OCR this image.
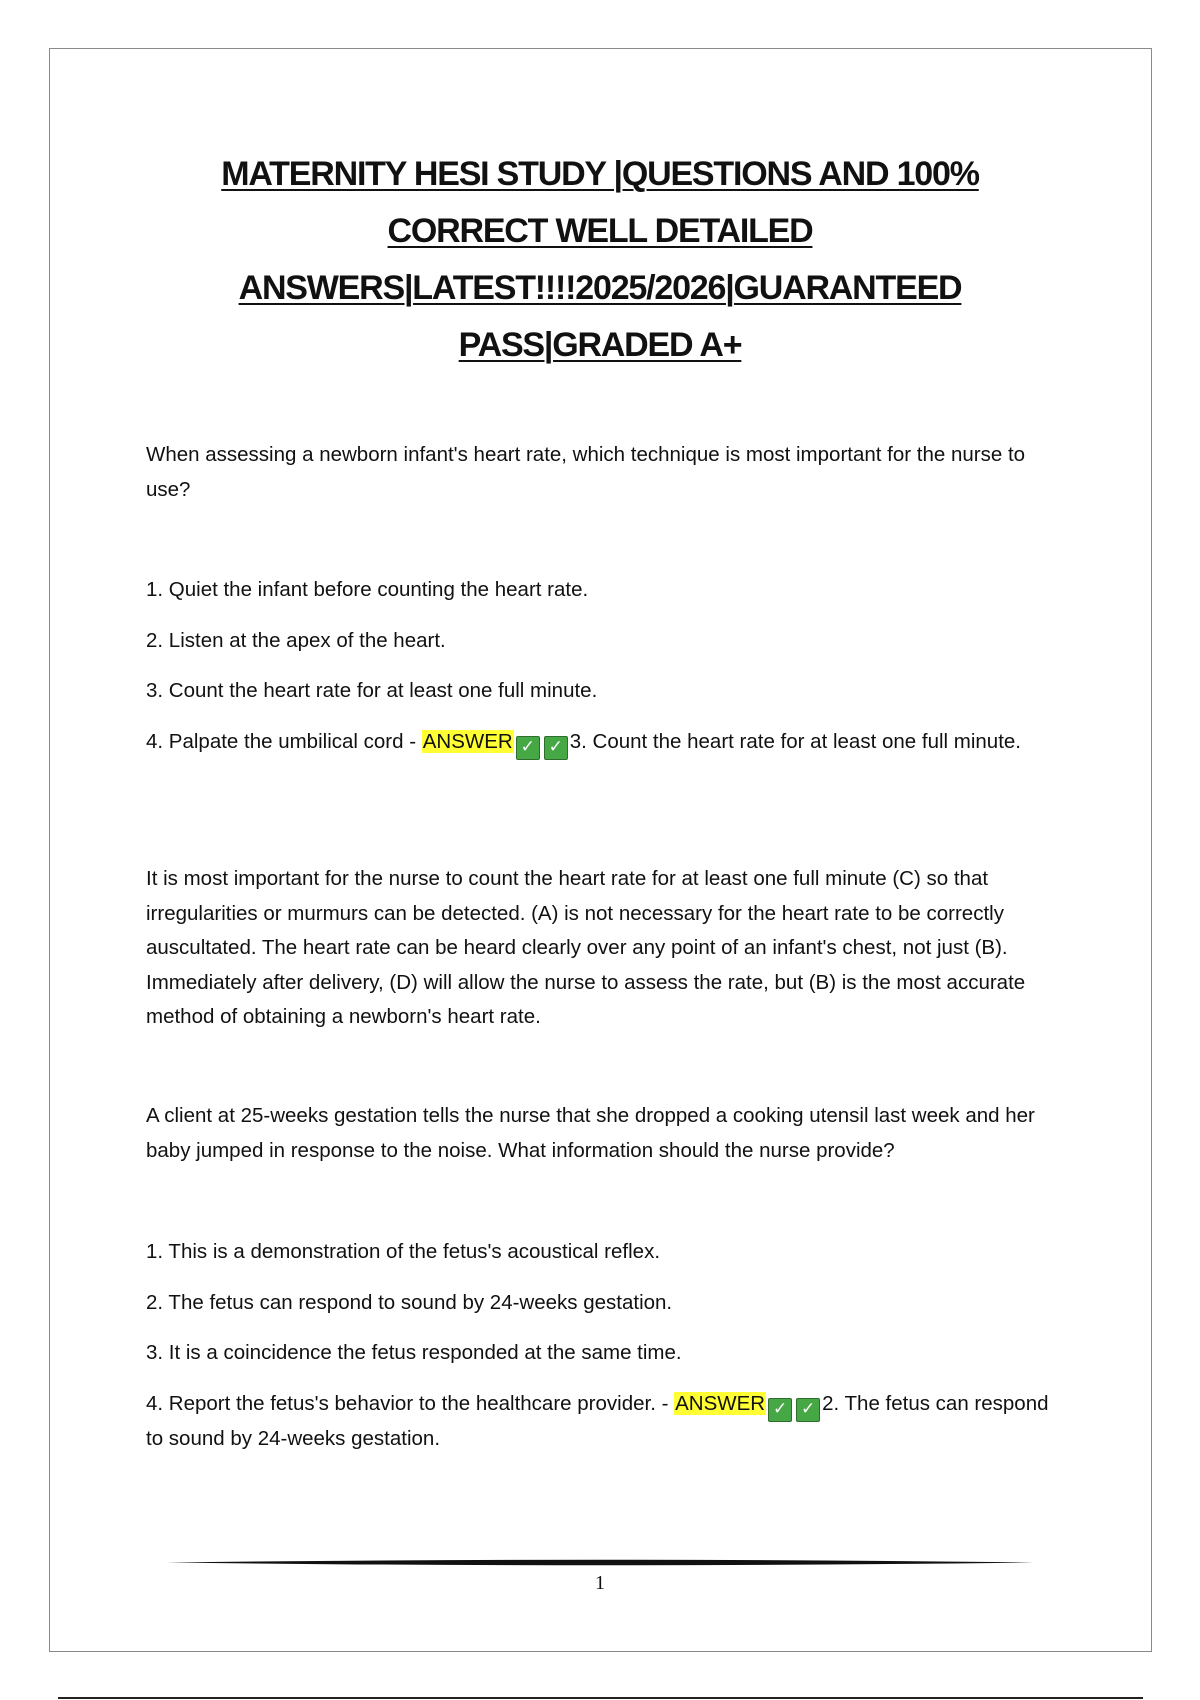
MATERNITY HESI STUDY |QUESTIONS AND 100%
CORRECT WELL DETAILED
ANSWERS|LATEST!!!!2025/2026|GUARANTEED
PASS|GRADED A+

When assessing a newborn infant's heart rate, which technique is most important for the nurse to use?

1. Quiet the infant before counting the heart rate.

2. Listen at the apex of the heart.

3. Count the heart rate for at least one full minute.

4. Palpate the umbilical cord - ANSWER ✓ ✓ 3. Count the heart rate for at least one full minute.

It is most important for the nurse to count the heart rate for at least one full minute (C) so that irregularities or murmurs can be detected. (A) is not necessary for the heart rate to be correctly auscultated. The heart rate can be heard clearly over any point of an infant's chest, not just (B). Immediately after delivery, (D) will allow the nurse to assess the rate, but (B) is the most accurate method of obtaining a newborn's heart rate.

A client at 25-weeks gestation tells the nurse that she dropped a cooking utensil last week and her baby jumped in response to the noise. What information should the nurse provide?

1. This is a demonstration of the fetus's acoustical reflex.

2. The fetus can respond to sound by 24-weeks gestation.

3. It is a coincidence the fetus responded at the same time.

4. Report the fetus's behavior to the healthcare provider. - ANSWER ✓ ✓ 2. The fetus can respond to sound by 24-weeks gestation.

1
